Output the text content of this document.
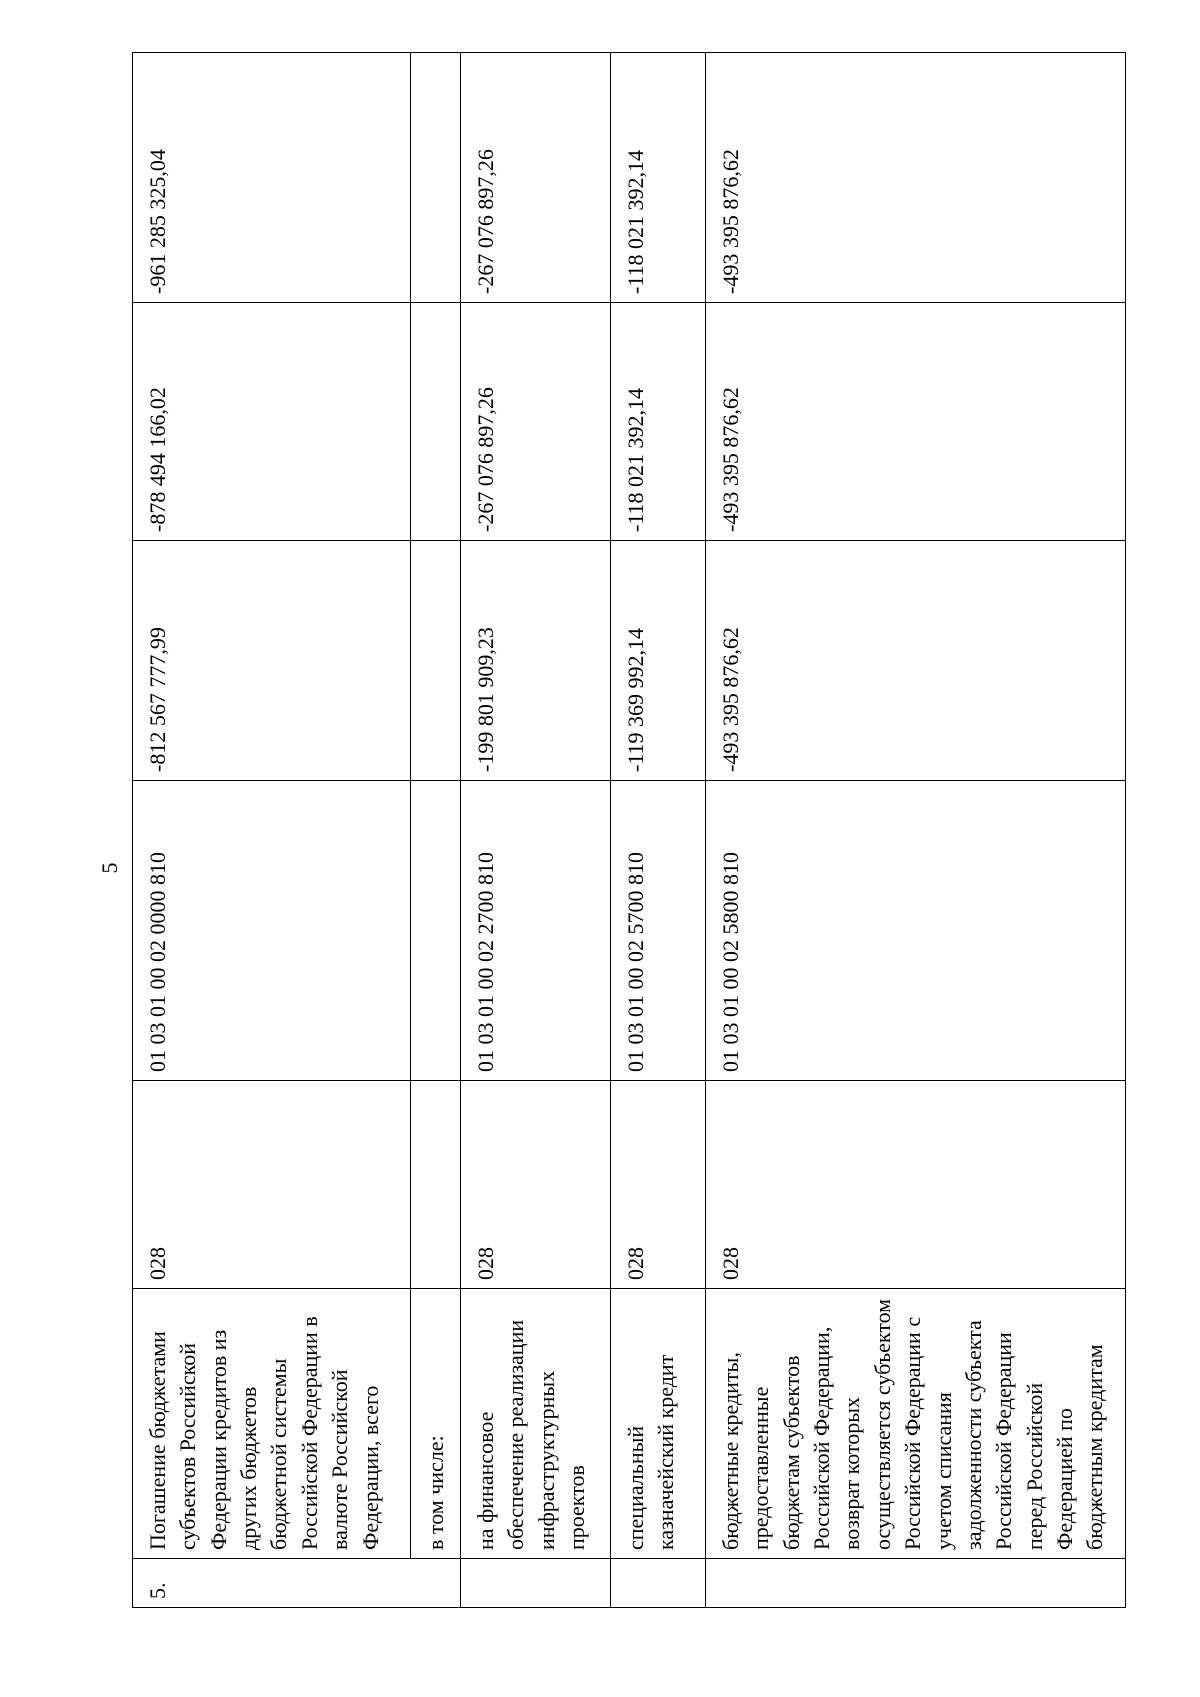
5
5.	Погашение бюджетами субъектов Российской Федерации кредитов из других бюджетов бюджетной системы Российской Федерации в валюте Российской Федерации, всего	028	01 03 01 00 02 0000 810	-812 567 777,99	-878 494 166,02	-961 285 325,04
	в том числе:					
	на финансовое обеспечение реализации инфраструктурных проектов	028	01 03 01 00 02 2700 810	-199 801 909,23	-267 076 897,26	-267 076 897,26
	специальный казначейский кредит	028	01 03 01 00 02 5700 810	-119 369 992,14	-118 021 392,14	-118 021 392,14
	бюджетные кредиты, предоставленные бюджетам субъектов Российской Федерации, возврат которых осуществляется субъектом Российской Федерации с учетом списания задолженности субъекта Российской Федерации перед Российской Федерацией по бюджетным кредитам	028	01 03 01 00 02 5800 810	-493 395 876,62	-493 395 876,62	-493 395 876,62
